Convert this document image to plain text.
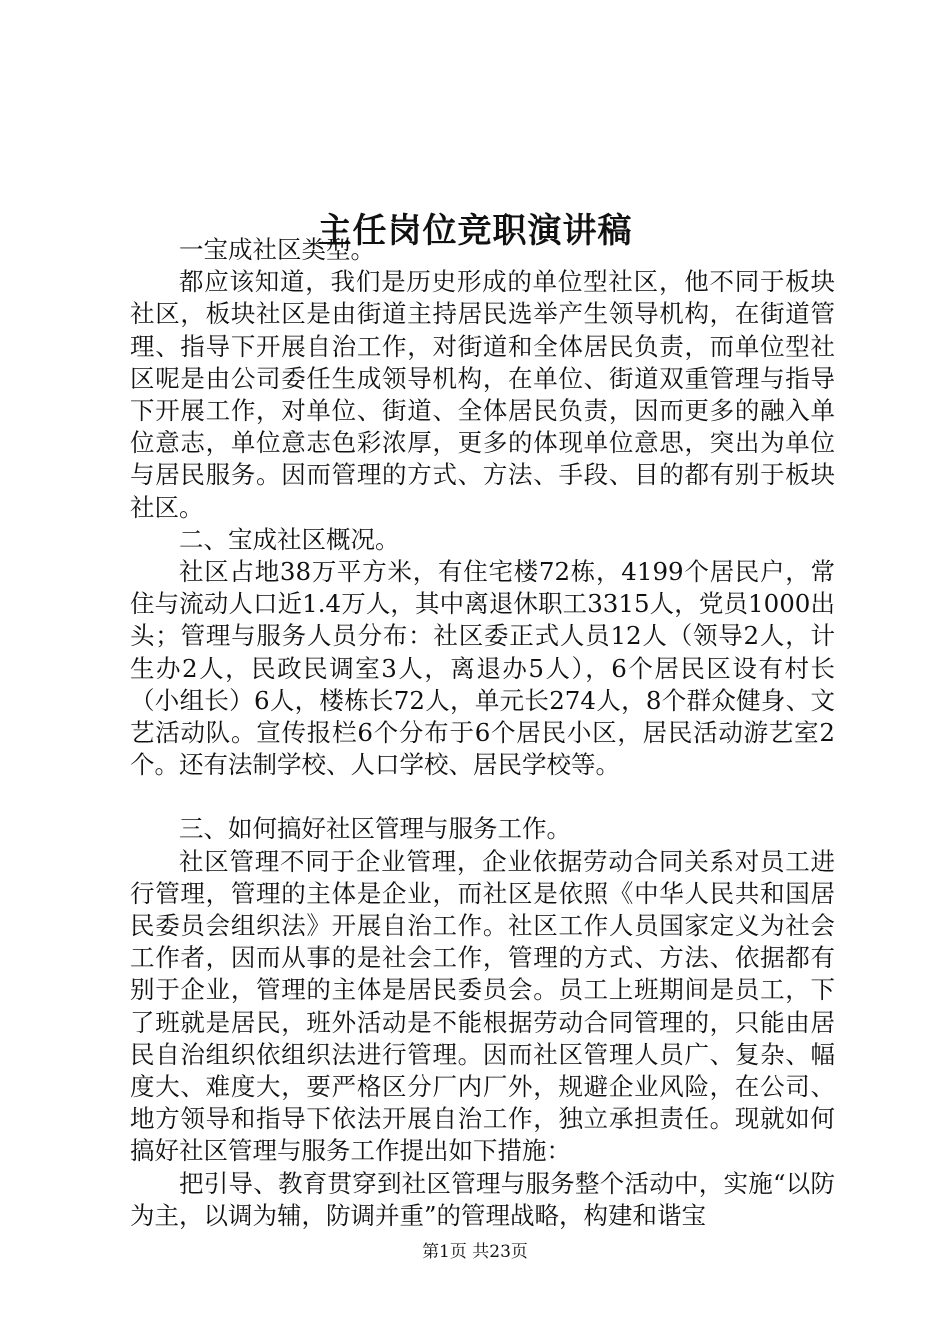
主任岗位竞职演讲稿

一宝成社区类型。

都应该知道，我们是历史形成的单位型社区，他不同于板块社区，板块社区是由街道主持居民选举产生领导机构，在街道管理、指导下开展自治工作，对街道和全体居民负责，而单位型社区呢是由公司委任生成领导机构，在单位、街道双重管理与指导下开展工作，对单位、街道、全体居民负责，因而更多的融入单位意志，单位意志色彩浓厚，更多的体现单位意思，突出为单位与居民服务。因而管理的方式、方法、手段、目的都有别于板块社区。

二、宝成社区概况。

社区占地38万平方米，有住宅楼72栋，4199个居民户，常住与流动人口近1.4万人，其中离退休职工3315人，党员1000出头；管理与服务人员分布：社区委正式人员12人（领导2人，计生办2人，民政民调室3人，离退办5人），6个居民区设有村长（小组长）6人，楼栋长72人，单元长274人，8个群众健身、文艺活动队。宣传报栏6个分布于6个居民小区，居民活动游艺室2个。还有法制学校、人口学校、居民学校等。

三、如何搞好社区管理与服务工作。

社区管理不同于企业管理，企业依据劳动合同关系对员工进行管理，管理的主体是企业，而社区是依照《中华人民共和国居民委员会组织法》开展自治工作。社区工作人员国家定义为社会工作者，因而从事的是社会工作，管理的方式、方法、依据都有别于企业，管理的主体是居民委员会。员工上班期间是员工，下了班就是居民，班外活动是不能根据劳动合同管理的，只能由居民自治组织依组织法进行管理。因而社区管理人员广、复杂、幅度大、难度大，要严格区分厂内厂外，规避企业风险，在公司、地方领导和指导下依法开展自治工作，独立承担责任。现就如何搞好社区管理与服务工作提出如下措施：

把引导、教育贯穿到社区管理与服务整个活动中，实施“以防为主，以调为辅，防调并重”的管理战略，构建和谐宝

第1页 共23页
